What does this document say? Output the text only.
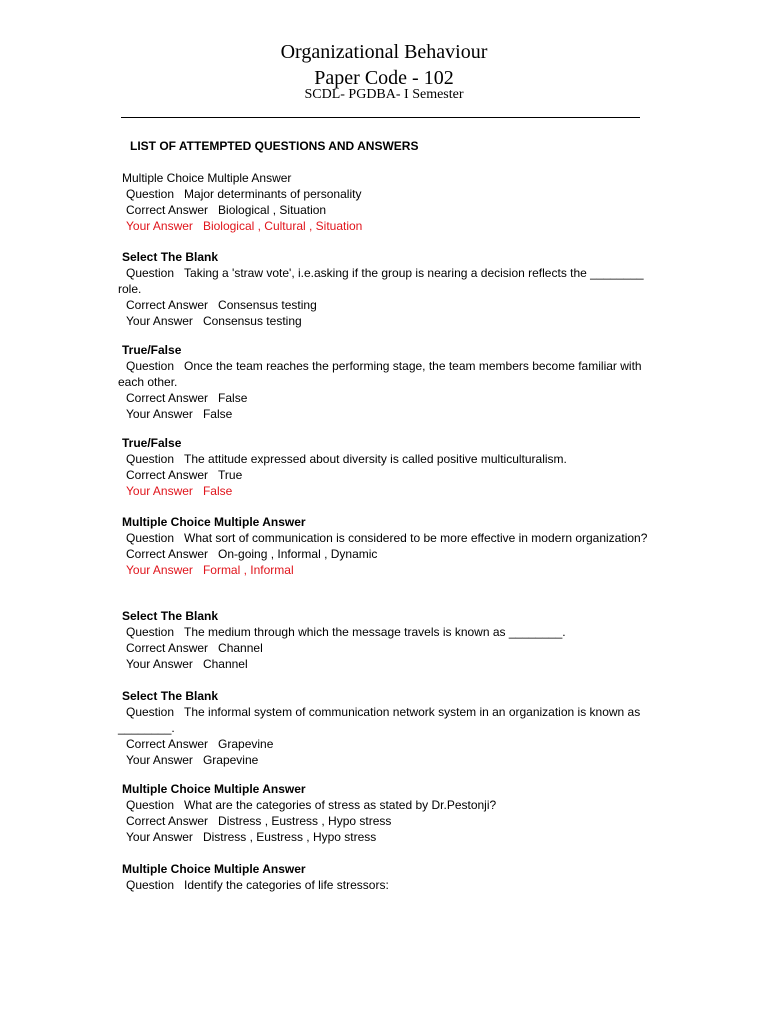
Organizational Behaviour
Paper Code - 102
SCDL- PGDBA- I Semester
LIST OF ATTEMPTED QUESTIONS AND ANSWERS
Multiple Choice Multiple Answer
Question Major determinants of personality
Correct Answer Biological , Situation
Your Answer Biological , Cultural , Situation
Select The Blank
Question Taking a 'straw vote', i.e.asking if the group is nearing a decision reflects the ________ role.
Correct Answer Consensus testing
Your Answer Consensus testing
True/False
Question Once the team reaches the performing stage, the team members become familiar with each other.
Correct Answer False
Your Answer False
True/False
Question The attitude expressed about diversity is called positive multiculturalism.
Correct Answer True
Your Answer False
Multiple Choice Multiple Answer
Question What sort of communication is considered to be more effective in modern organization?
Correct Answer On-going , Informal , Dynamic
Your Answer Formal , Informal
Select The Blank
Question The medium through which the message travels is known as ________.
Correct Answer Channel
Your Answer Channel
Select The Blank
Question The informal system of communication network system in an organization is known as ________.
Correct Answer Grapevine
Your Answer Grapevine
Multiple Choice Multiple Answer
Question What are the categories of stress as stated by Dr.Pestonji?
Correct Answer Distress , Eustress , Hypo stress
Your Answer Distress , Eustress , Hypo stress
Multiple Choice Multiple Answer
Question Identify the categories of life stressors:
